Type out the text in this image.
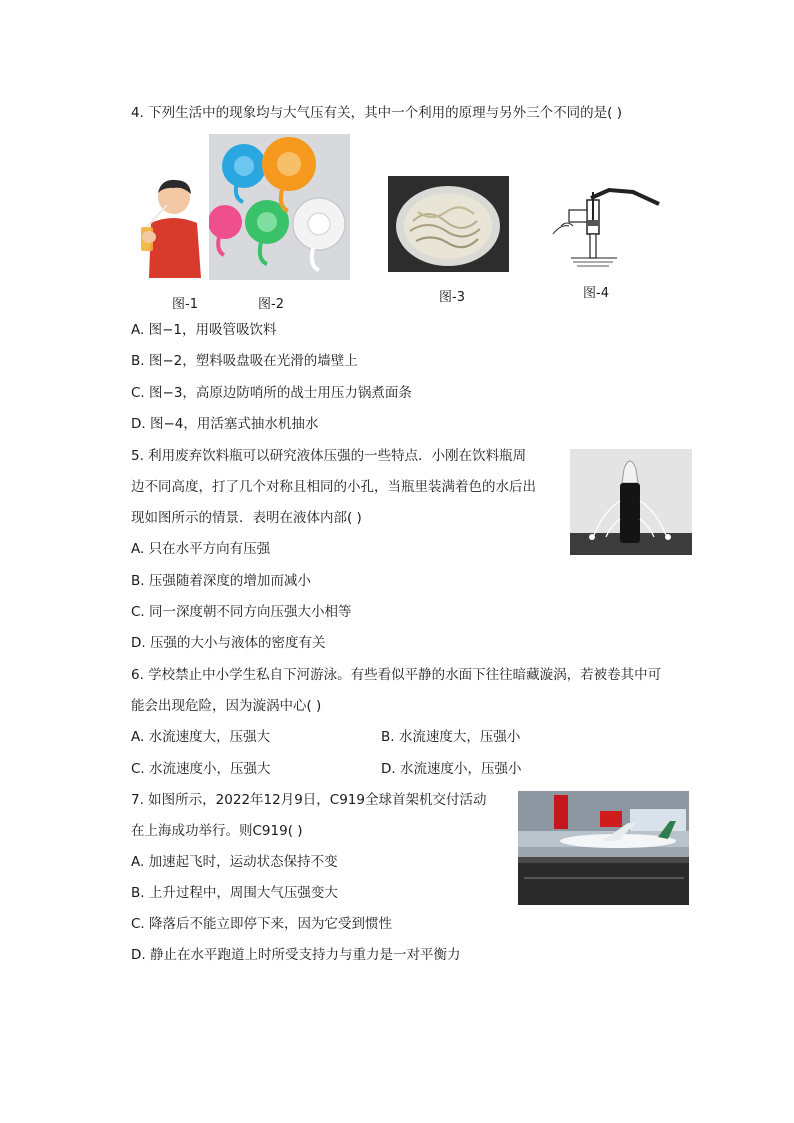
4. 下列生活中的现象均与大气压有关，其中一个利用的原理与另外三个不同的是( )
图-1	图-2	图-3	图-4
A. 图−1，用吸管吸饮料
B. 图−2，塑料吸盘吸在光滑的墙壁上
C. 图−3，高原边防哨所的战士用压力锅煮面条
D. 图−4，用活塞式抽水机抽水
5. 利用废弃饮料瓶可以研究液体压强的一些特点．小刚在饮料瓶周
边不同高度，打了几个对称且相同的小孔，当瓶里装满着色的水后出
现如图所示的情景．表明在液体内部( )
A. 只在水平方向有压强
B. 压强随着深度的增加而减小
C. 同一深度朝不同方向压强大小相等
D. 压强的大小与液体的密度有关
6. 学校禁止中小学生私自下河游泳。有些看似平静的水面下往往暗藏漩涡，若被卷其中可
能会出现危险，因为漩涡中心( )
A. 水流速度大，压强大	B. 水流速度大，压强小
C. 水流速度小，压强大	D. 水流速度小，压强小
7. 如图所示，2022年12月9日，C919全球首架机交付活动
在上海成功举行。则C919( )
A. 加速起飞时，运动状态保持不变
B. 上升过程中，周围大气压强变大
C. 降落后不能立即停下来，因为它受到惯性
D. 静止在水平跑道上时所受支持力与重力是一对平衡力
